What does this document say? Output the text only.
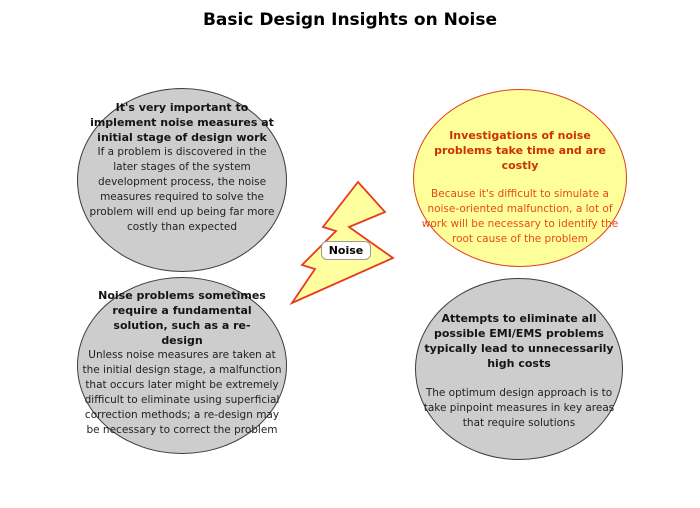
Basic Design Insights on Noise

It's very important to implement noise measures at initial stage of design work

If a problem is discovered in the later stages of the system development process, the noise measures required to solve the problem will end up being far more costly than expected

Investigations of noise problems take time and are costly

Because it's difficult to simulate a noise-oriented malfunction, a lot of work will be necessary to identify the root cause of the problem

Noise problems sometimes require a fundamental solution, such as a re-design

Unless noise measures are taken at the initial design stage, a malfunction that occurs later might be extremely difficult to eliminate using superficial correction methods; a re-design may be necessary to correct the problem

Attempts to eliminate all possible EMI/EMS problems typically lead to unnecessarily high costs

The optimum design approach is to take pinpoint measures in key areas that require solutions

Noise
